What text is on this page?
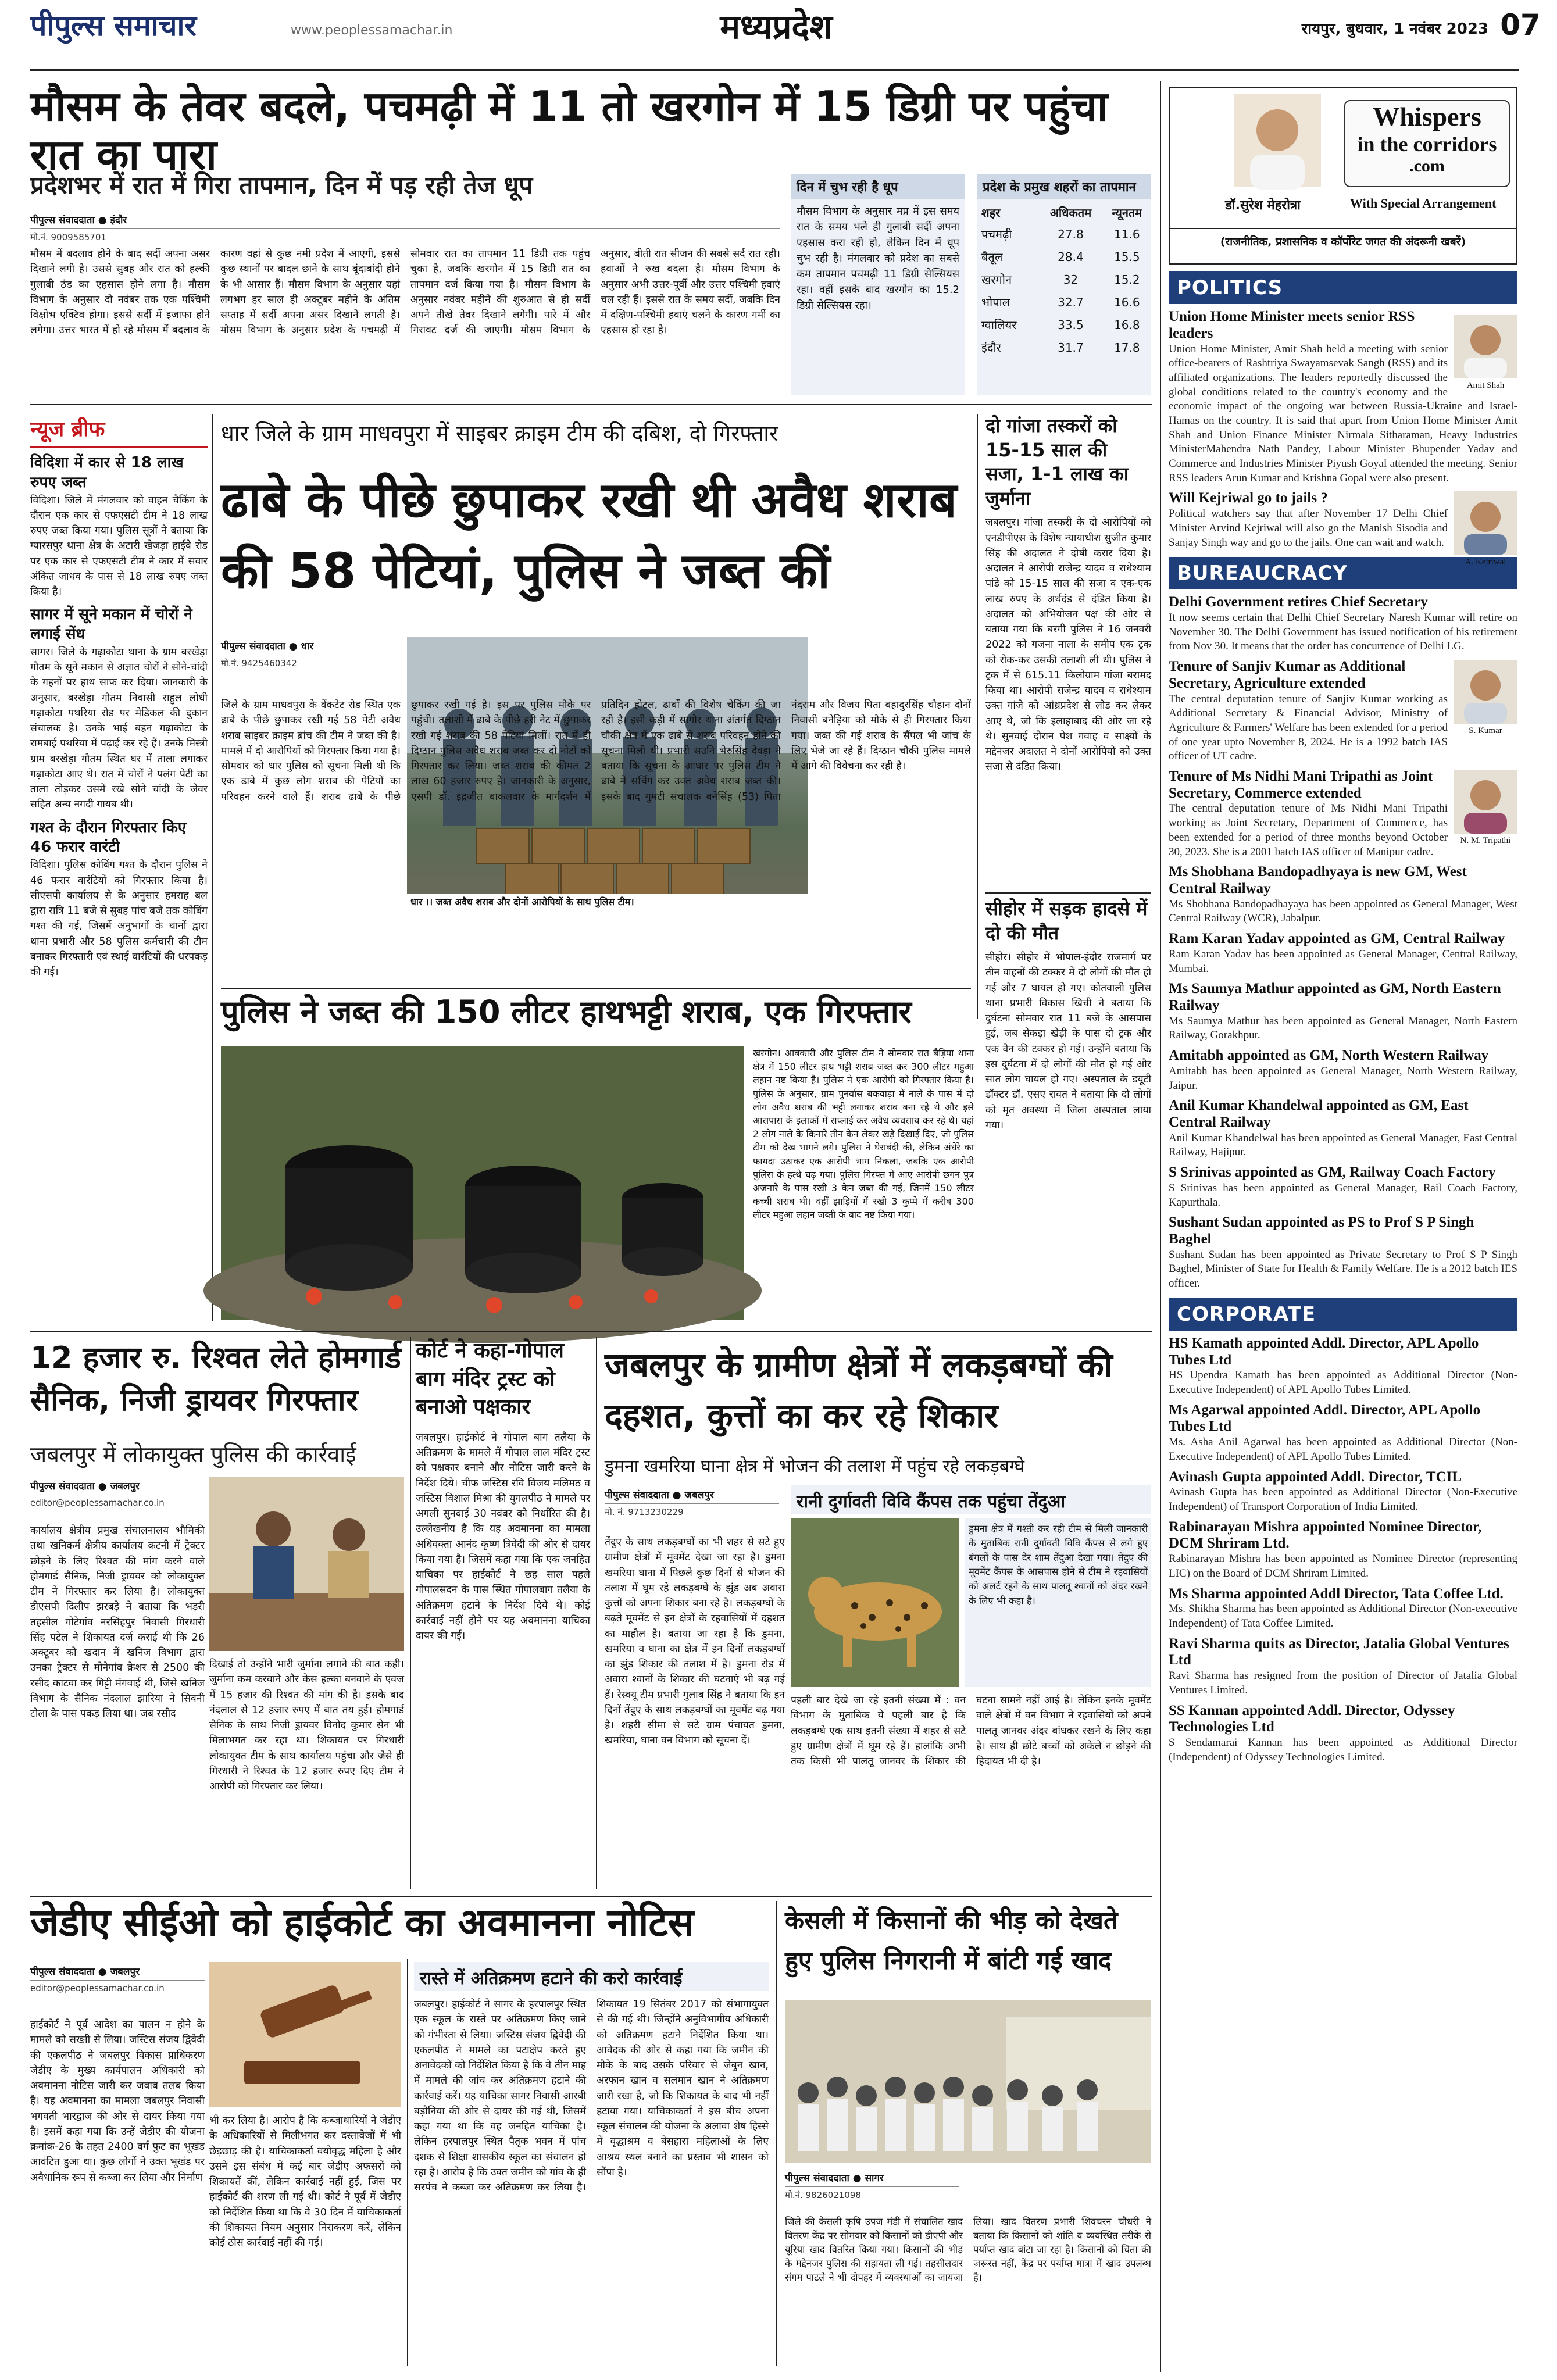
पीपुल्स समाचार	www.peoplessamachar.in	मध्यप्रदेश	रायपुर, बुधवार, 1 नवंबर 2023 07
मौसम के तेवर बदले, पचमढ़ी में 11 तो खरगोन में 15 डिग्री पर पहुंचा रात का पारा
प्रदेशभर में रात में गिरा तापमान, दिन में पड़ रही तेज धूप
पीपुल्स संवाददाता ● इंदौर
मो.नं. 9009585701
मौसम में बदलाव होने के बाद सर्दी अपना असर दिखाने लगी है। उससे सुबह और रात को हल्की गुलाबी ठंड का एहसास होने लगा है। मौसम विभाग के अनुसार दो नवंबर तक एक पश्चिमी विक्षोभ एक्टिव होगा। इससे सर्दी में इजाफा होने लगेगा। उत्तर भारत में हो रहे मौसम में बदलाव के कारण वहां से कुछ नमी प्रदेश में आएगी, इससे कुछ स्थानों पर बादल छाने के साथ बूंदाबांदी होने के भी आसार हैं। मौसम विभाग के अनुसार यहां लगभग हर साल ही अक्टूबर महीने के अंतिम सप्ताह में सर्दी अपना असर दिखाने लगती है। मौसम विभाग के अनुसार प्रदेश के पचमढ़ी में सोमवार रात का तापमान 11 डिग्री तक पहुंच चुका है, जबकि खरगोन में 15 डिग्री रात का तापमान दर्ज किया गया है। मौसम विभाग के अनुसार नवंबर महीने की शुरुआत से ही सर्दी अपने तीखे तेवर दिखाने लगेगी। पारे में और गिरावट दर्ज की जाएगी। मौसम विभाग के अनुसार, बीती रात सीजन की सबसे सर्द रात रही। हवाओं ने रुख बदला है। मौसम विभाग के अनुसार अभी उत्तर-पूर्वी और उत्तर पश्चिमी हवाएं चल रही हैं। इससे रात के समय सर्दी, जबकि दिन में दक्षिण-पश्चिमी हवाएं चलने के कारण गर्मी का एहसास हो रहा है।
दिन में चुभ रही है धूप
मौसम विभाग के अनुसार मप्र में इस समय रात के समय भले ही गुलाबी सर्दी अपना एहसास करा रही हो, लेकिन दिन में धूप चुभ रही है। मंगलवार को प्रदेश का सबसे कम तापमान पचमढ़ी 11 डिग्री सेल्सियस रहा। वहीं इसके बाद खरगोन का 15.2 डिग्री सेल्सियस रहा।
प्रदेश के प्रमुख शहरों का तापमान
शहर	अधिकतम	न्यूनतम
पचमढ़ी	27.8	11.6
बैतूल	28.4	15.5
खरगोन	32	15.2
भोपाल	32.7	16.6
ग्वालियर	33.5	16.8
इंदौर	31.7	17.8
न्यूज ब्रीफ
विदिशा में कार से 18 लाख रुपए जब्त
विदिशा। जिले में मंगलवार को वाहन चैकिंग के दौरान एक कार से एफएसटी टीम ने 18 लाख रुपए जब्त किया गया। पुलिस सूत्रों ने बताया कि ग्यारसपुर थाना क्षेत्र के अटारी खेजड़ा हाईवे रोड पर एक कार से एफएसटी टीम ने कार में सवार अंकित जाधव के पास से 18 लाख रुपए जब्त किया है।
सागर में सूने मकान में चोरों ने लगाई सेंध
सागर। जिले के गढ़ाकोटा थाना के ग्राम बरखेड़ा गौतम के सूने मकान से अज्ञात चोरों ने सोने-चांदी के गहनों पर हाथ साफ कर दिया। जानकारी के अनुसार, बरखेड़ा गौतम निवासी राहुल लोधी गढ़ाकोटा पथरिया रोड पर मेडिकल की दुकान संचालक है। उनके भाई बहन गढ़ाकोटा के रामबाई पथरिया में पढ़ाई कर रहे हैं। उनके मिस्त्री ग्राम बरखेड़ा गौतम स्थित घर में ताला लगाकर गढ़ाकोटा आए थे। रात में चोरों ने पलंग पेटी का ताला तोड़कर उसमें रखे सोने चांदी के जेवर सहित अन्य नगदी गायब थी।
गश्त के दौरान गिरफ्तार किए 46 फरार वारंटी
विदिशा। पुलिस कोबिंग गश्त के दौरान पुलिस ने 46 फरार वारंटियों को गिरफ्तार किया है। सीएसपी कार्यालय से के अनुसार हमराह बल द्वारा रात्रि 11 बजे से सुबह पांच बजे तक कोबिंग गश्त की गई, जिसमें अनुभागों के थानों द्वारा थाना प्रभारी और 58 पुलिस कर्मचारी की टीम बनाकर गिरफ्तारी एवं स्थाई वारंटियों की धरपकड़ की गई।
धार जिले के ग्राम माधवपुरा में साइबर क्राइम टीम की दबिश, दो गिरफ्तार
ढाबे के पीछे छुपाकर रखी थी अवैध शराब की 58 पेटियां, पुलिस ने जब्त कीं
पीपुल्स संवाददाता ● धार
मो.नं. 9425460342
धार ।। जब्त अवैध शराब और दोनों आरोपियों के साथ पुलिस टीम।
जिले के ग्राम माधवपुरा के वेंकटेट रोड स्थित एक ढाबे के पीछे छुपाकर रखी गई 58 पेटी अवैध शराब साइबर क्राइम ब्रांच की टीम ने जब्त की है। मामले में दो आरोपियों को गिरफ्तार किया गया है। सोमवार को धार पुलिस को सूचना मिली थी कि एक ढाबे में कुछ लोग शराब की पेटियों का परिवहन करने वाले हैं। शराब ढाबे के पीछे छुपाकर रखी गई है। इस पर पुलिस मौके पर पहुंची। तलाशी में ढाबे के पीछे हरी नेट में छुपाकर रखी गई शराब की 58 पेटियां मिलीं। रात में ही दिग्ठान पुलिस अवैध शराब जब्त कर दो नोटों को गिरफ्तार कर लिया। जब्त शराब की कीमत 2 लाख 60 हजार रुपए है। जानकारी के अनुसार, एसपी डॉ. इंद्रजीत बाकलवार के मार्गदर्शन में प्रतिदिन होटल, ढाबों की विशेष चेकिंग की जा रही है। इसी कड़ी में सागौर थाना अंतर्गत दिग्ठान चौकी क्षेत्र में एक ढाबे से शराब परिवहन होने की सूचना मिली थी। प्रभारी सउनि भेरुसिंह देवड़ा ने बताया कि सूचना के आधार पर पुलिस टीम ने ढाबे में सर्चिंग कर उक्त अवैध शराब जब्त की। इसके बाद गुमटी संचालक बनेसिंह (53) पिता नंदराम और विजय पिता बहादुरसिंह चौहान दोनों निवासी बनेड़िया को मौके से ही गिरफ्तार किया गया। जब्त की गई शराब के सैंपल भी जांच के लिए भेजे जा रहे हैं। दिग्ठान चौकी पुलिस मामले में आगे की विवेचना कर रही है।
दो गांजा तस्करों को 15-15 साल की सजा, 1-1 लाख का जुर्माना
जबलपुर। गांजा तस्करी के दो आरोपियों को एनडीपीएस के विशेष न्यायाधीश सुजीत कुमार सिंह की अदालत ने दोषी करार दिया है। अदालत ने आरोपी राजेन्द्र यादव व राधेश्याम पांडे को 15-15 साल की सजा व एक-एक लाख रुपए के अर्थदंड से दंडित किया है। अदालत को अभियोजन पक्ष की ओर से बताया गया कि बरगी पुलिस ने 16 जनवरी 2022 को गजना नाला के समीप एक ट्रक को रोक-कर उसकी तलाशी ली थी। पुलिस ने ट्रक में से 615.11 किलोग्राम गांजा बरामद किया था। आरोपी राजेन्द्र यादव व राधेश्याम उक्त गांजे को आंध्रप्रदेश से लोड कर लेकर आए थे, जो कि इलाहाबाद की ओर जा रहे थे। सुनवाई दौरान पेश गवाह व साक्ष्यों के मद्देनजर अदालत ने दोनों आरोपियों को उक्त सजा से दंडित किया।
सीहोर में सड़क हादसे में दो की मौत
सीहोर। सीहोर में भोपाल-इंदौर राजमार्ग पर तीन वाहनों की टक्कर में दो लोगों की मौत हो गई और 7 घायल हो गए। कोतवाली पुलिस थाना प्रभारी विकास खिची ने बताया कि दुर्घटना सोमवार रात 11 बजे के आसपास हुई, जब सेकड़ा खेड़ी के पास दो ट्रक और एक वैन की टक्कर हो गई। उन्होंने बताया कि इस दुर्घटना में दो लोगों की मौत हो गई और सात लोग घायल हो गए। अस्पताल के डयूटी डॉक्टर डॉ. एसए रावत ने बताया कि दो लोगों को मृत अवस्था में जिला अस्पताल लाया गया।
पुलिस ने जब्त की 150 लीटर हाथभट्टी शराब, एक गिरफ्तार
खरगोन। आबकारी और पुलिस टीम ने सोमवार रात बैड़िया थाना क्षेत्र में 150 लीटर हाथ भट्टी शराब जब्त कर 300 लीटर महुआ लहान नष्ट किया है। पुलिस ने एक आरोपी को गिरफ्तार किया है। पुलिस के अनुसार, ग्राम पुनर्वास बकवाड़ा में नाले के पास में दो लोग अवैध शराब की भट्टी लगाकर शराब बना रहे थे और इसे आसपास के इलाकों में सप्लाई कर अवैध व्यवसाय कर रहे थे। यहां 2 लोग नाले के किनारे तीन केन लेकर खड़े दिखाई दिए, जो पुलिस टीम को देख भागने लगे। पुलिस ने घेराबंदी की, लेकिन अंधेरे का फायदा उठाकर एक आरोपी भाग निकला, जबकि एक आरोपी पुलिस के हत्थे चढ़ गया। पुलिस गिरफ्त में आए आरोपी छगन पुत्र अजनारे के पास रखी 3 केन जब्त की गई, जिनमें 150 लीटर कच्ची शराब थी। वहीं झाड़ियों में रखी 3 कुप्पे में करीब 300 लीटर महुआ लहान जब्ती के बाद नष्ट किया गया।
12 हजार रु. रिश्वत लेते होमगार्ड सैनिक, निजी ड्रायवर गिरफ्तार
जबलपुर में लोकायुक्त पुलिस की कार्रवाई
पीपुल्स संवाददाता ● जबलपुर
editor@peoplessamachar.co.in
कार्यालय क्षेत्रीय प्रमुख संचालनालय भौमिकी तथा खनिकर्म क्षेत्रीय कार्यालय कटनी में ट्रेक्टर छोड़ने के लिए रिश्वत की मांग करने वाले होमगार्ड सैनिक, निजी ड्रायवर को लोकायुक्त टीम ने गिरफ्तार कर लिया है। लोकायुक्त डीएसपी दिलीप झरबड़े ने बताया कि भड़री तहसील गोटेगांव नरसिंहपुर निवासी गिरधारी सिंह पटेल ने शिकायत दर्ज कराई थी कि 26 अक्टूबर को खदान में खनिज विभाग द्वारा उनका ट्रेक्टर से मोनेगांव क्रेशर से 2500 की रसीद काटवा कर गिट्टी मंगवाई थी, जिसे खनिज विभाग के सैनिक नंदलाल झारिया ने सिवनी टोला के पास पकड़ लिया था। जब रसीद
दिखाई तो उन्होंने भारी जुर्माना लगाने की बात कही। जुर्माना कम करवाने और केस हल्का बनवाने के एवज में 15 हजार की रिश्वत की मांग की है। इसके बाद नंदलाल से 12 हजार रुपए में बात तय हुई। होमगार्ड सैनिक के साथ निजी ड्रायवर विनोद कुमार सेन भी मिलाभगत कर रहा था। शिकायत पर गिरधारी लोकायुक्त टीम के साथ कार्यालय पहुंचा और जैसे ही गिरधारी ने रिश्वत के 12 हजार रुपए दिए टीम ने आरोपी को गिरफ्तार कर लिया।
कोर्ट ने कहा-गोपाल बाग मंदिर ट्रस्ट को बनाओ पक्षकार
जबलपुर। हाईकोर्ट ने गोपाल बाग तलैया के अतिक्रमण के मामले में गोपाल लाल मंदिर ट्रस्ट को पक्षकार बनाने और नोटिस जारी करने के निर्देश दिये। चीफ जस्टिस रवि विजय मलिमठ व जस्टिस विशाल मिश्रा की युगलपीठ ने मामले पर अगली सुनवाई 30 नवंबर को निर्धारित की है। उल्लेखनीय है कि यह अवमानना का मामला अधिवक्ता आनंद कृष्ण त्रिवेदी की ओर से दायर किया गया है। जिसमें कहा गया कि एक जनहित याचिका पर हाईकोर्ट ने छह साल पहले गोपालसदन के पास स्थित गोपालबाग तलैया के अतिक्रमण हटाने के निर्देश दिये थे। कोई कार्रवाई नहीं होने पर यह अवमानना याचिका दायर की गई।
जबलपुर के ग्रामीण क्षेत्रों में लकड़बग्घों की दहशत, कुत्तों का कर रहे शिकार
डुमना खमरिया घाना क्षेत्र में भोजन की तलाश में पहुंच रहे लकड़बग्घे
पीपुल्स संवाददाता ● जबलपुर
मो. नं. 9713230229	रानी दुर्गावती विवि कैंपस तक पहुंचा तेंदुआ
डुमना क्षेत्र में गश्ती कर रही टीम से मिली जानकारी के मुताबिक रानी दुर्गावती विवि कैंपस से लगे हुए बंगलों के पास देर शाम तेंदुआ देखा गया। तेंदुए की मूवमेंट कैंपस के आसपास होने से टीम ने रहवासियों को अलर्ट रहने के साथ पालतू श्वानों को अंदर रखने के लिए भी कहा है।
तेंदुए के साथ लकड़बग्घों का भी शहर से सटे हुए ग्रामीण क्षेत्रों में मूवमेंट देखा जा रहा है। डुमना खमरिया घाना में पिछले कुछ दिनों से भोजन की तलाश में घूम रहे लकड़बग्घे के झुंड अब अवारा कुत्तों को अपना शिकार बना रहे है। लकड़बग्घों के बढ़ते मूवमेंट से इन क्षेत्रों के रहवासियों में दहशत का माहौल है। बताया जा रहा है कि डुमना, खमरिया व घाना का क्षेत्र में इन दिनों लकड़बग्घों का झुंड शिकार की तलाश में है। डुमना रोड में अवारा श्वानों के शिकार की घटनाएं भी बढ़ गई हैं। रेस्क्यू टीम प्रभारी गुलाब सिंह ने बताया कि इन दिनों तेंदुए के साथ लकड़बग्घों का मूवमेंट बढ़ गया है। शहरी सीमा से सटे ग्राम पंचायत डुमना, खमरिया, घाना वन विभाग को सूचना दें।
पहली बार देखे जा रहे इतनी संख्या में : वन विभाग के मुताबिक ये पहली बार है कि लकड़बग्घे एक साथ इतनी संख्या में शहर से सटे हुए ग्रामीण क्षेत्रों में घूम रहे हैं। हालांकि अभी तक किसी भी पालतू जानवर के शिकार की घटना सामने नहीं आई है। लेकिन इनके मूवमेंट वाले क्षेत्रों में वन विभाग ने रहवासियों को अपने पालतू जानवर अंदर बांधकर रखने के लिए कहा है। साथ ही छोटे बच्चों को अकेले न छोड़ने की हिदायत भी दी है।
जेडीए सीईओ को हाईकोर्ट का अवमानना नोटिस
पीपुल्स संवाददाता ● जबलपुर
editor@peoplessamachar.co.in
हाईकोर्ट ने पूर्व आदेश का पालन न होने के मामले को सख्ती से लिया। जस्टिस संजय द्विवेदी की एकलपीठ ने जबलपुर विकास प्राधिकरण जेडीए के मुख्य कार्यपालन अधिकारी को अवमानना नोटिस जारी कर जवाब तलब किया है। यह अवमानना का मामला जबलपुर निवासी भगवती भारद्वाज की ओर से दायर किया गया है। इसमें कहा गया कि उन्हें जेडीए की योजना क्रमांक-26 के तहत 2400 वर्ग फुट का भूखंड आवंटित हुआ था। कुछ लोगों ने उक्त भूखंड पर अवैधानिक रूप से कब्जा कर लिया और निर्माण
भी कर लिया है। आरोप है कि कब्जाधारियों ने जेडीए के अधिकारियों से मिलीभगत कर दस्तावेजों में भी छेड़छाड़ की है। याचिकाकर्ता वयोवृद्ध महिला है और उसने इस संबंध में कई बार जेडीए अफसरों को शिकायतें कीं, लेकिन कार्रवाई नहीं हुई, जिस पर हाईकोर्ट की शरण ली गई थी। कोर्ट ने पूर्व में जेडीए को निर्देशित किया था कि वे 30 दिन में याचिकाकर्ता की शिकायत नियम अनुसार निराकरण करें, लेकिन कोई ठोस कार्रवाई नहीं की गई।
रास्ते में अतिक्रमण हटाने की करो कार्रवाई
जबलपुर। हाईकोर्ट ने सागर के हरपालपुर स्थित एक स्कूल के रास्ते पर अतिक्रमण किए जाने को गंभीरता से लिया। जस्टिस संजय द्विवेदी की एकलपीठ ने मामले का पटाक्षेप करते हुए अनावेदकों को निर्देशित किया है कि वे तीन माह में मामले की जांच कर अतिक्रमण हटाने की कार्रवाई करें। यह याचिका सागर निवासी आरबी बड़ौनिया की ओर से दायर की गई थी, जिसमें कहा गया था कि वह जनहित याचिका है। लेकिन हरपालपुर स्थित पैतृक भवन में पांच दशक से शिक्षा शासकीय स्कूल का संचालन हो रहा है। आरोप है कि उक्त जमीन को गांव के ही सरपंच ने कब्जा कर अतिक्रमण कर लिया है। शिकायत 19 सितंबर 2017 को संभागायुक्त से की गई थी। जिन्होंने अनुविभागीय अधिकारी को अतिक्रमण हटाने निर्देशित किया था। आवेदक की ओर से कहा गया कि जमीन की मौके के बाद उसके परिवार से जेबुन खान, अरफान खान व सलमान खान ने अतिक्रमण जारी रखा है, जो कि शिकायत के बाद भी नहीं हटाया गया। याचिकाकर्ता ने इस बीच अपना स्कूल संचालन की योजना के अलावा शेष हिस्से में वृद्धाश्रम व बेसहारा महिलाओं के लिए आश्रय स्थल बनाने का प्रस्ताव भी शासन को सौंपा है।
केसली में किसानों की भीड़ को देखते हुए पुलिस निगरानी में बांटी गई खाद
पीपुल्स संवाददाता ● सागर
मो.नं. 9826021098
जिले की केसली कृषि उपज मंडी में संचालित खाद वितरण केंद्र पर सोमवार को किसानों को डीएपी और यूरिया खाद वितरित किया गया। किसानों की भीड़ के मद्देनजर पुलिस की सहायता ली गई। तहसीलदार संगम पाटले ने भी दोपहर में व्यवस्थाओं का जायजा लिया। खाद वितरण प्रभारी शिवचरन चौधरी ने बताया कि किसानों को शांति व व्यवस्थित तरीके से पर्याप्त खाद बांटा जा रहा है। किसानों को चिंता की जरूरत नहीं, केंद्र पर पर्याप्त मात्रा में खाद उपलब्ध है।
Whispers
in the corridors
.com
डॉ.सुरेश मेहरोत्रा	With Special Arrangement
(राजनीतिक, प्रशासनिक व कॉर्पोरेट जगत की अंदरूनी खबरें)
POLITICS
Amit Shah
Union Home Minister meets senior RSS leaders
Union Home Minister, Amit Shah held a meeting with senior office-bearers of Rashtriya Swayamsevak Sangh (RSS) and its affiliated organizations. The leaders reportedly discussed the global conditions related to the country's economy and the economic impact of the ongoing war between Russia-Ukraine and Israel-Hamas on the country. It is said that apart from Union Home Minister Amit Shah and Union Finance Minister Nirmala Sitharaman, Heavy Industries MinisterMahendra Nath Pandey, Labour Minister Bhupender Yadav and Commerce and Industries Minister Piyush Goyal attended the meeting. Senior RSS leaders Arun Kumar and Krishna Gopal were also present.
A. Kejriwal
Will Kejriwal go to jails ?
Political watchers say that after November 17 Delhi Chief Minister Arvind Kejriwal will also go the Manish Sisodia and Sanjay Singh way and go to the jails. One can wait and watch.
BUREAUCRACY
Delhi Government retires Chief Secretary
It now seems certain that Delhi Chief Secretary Naresh Kumar will retire on November 30. The Delhi Government has issued notification of his retirement from Nov 30. It means that the order has concurrence of Delhi LG.
S. Kumar
Tenure of Sanjiv Kumar as Additional Secretary, Agriculture extended
The central deputation tenure of Sanjiv Kumar working as Additional Secretary & Financial Advisor, Ministry of Agriculture & Farmers' Welfare has been extended for a period of one year upto November 8, 2024. He is a 1992 batch IAS officer of UT cadre.
N. M. Tripathi
Tenure of Ms Nidhi Mani Tripathi as Joint Secretary, Commerce extended
The central deputation tenure of Ms Nidhi Mani Tripathi working as Joint Secretary, Department of Commerce, has been extended for a period of three months beyond October 30, 2023. She is a 2001 batch IAS officer of Manipur cadre.
Ms Shobhana Bandopadhyaya is new GM, West Central Railway
Ms Shobhana Bandopadhayaya has been appointed as General Manager, West Central Railway (WCR), Jabalpur.
Ram Karan Yadav appointed as GM, Central Railway
Ram Karan Yadav has been appointed as General Manager, Central Railway, Mumbai.
Ms Saumya Mathur appointed as GM, North Eastern Railway
Ms Saumya Mathur has been appointed as General Manager, North Eastern Railway, Gorakhpur.
Amitabh appointed as GM, North Western Railway
Amitabh has been appointed as General Manager, North Western Railway, Jaipur.
Anil Kumar Khandelwal appointed as GM, East Central Railway
Anil Kumar Khandelwal has been appointed as General Manager, East Central Railway, Hajipur.
S Srinivas appointed as GM, Railway Coach Factory
S Srinivas has been appointed as General Manager, Rail Coach Factory, Kapurthala.
Sushant Sudan appointed as PS to Prof S P Singh Baghel
Sushant Sudan has been appointed as Private Secretary to Prof S P Singh Baghel, Minister of State for Health & Family Welfare. He is a 2012 batch IES officer.
CORPORATE
HS Kamath appointed Addl. Director, APL Apollo Tubes Ltd
HS Upendra Kamath has been appointed as Additional Director (Non-Executive Independent) of APL Apollo Tubes Limited.
Ms Agarwal appointed Addl. Director, APL Apollo Tubes Ltd
Ms. Asha Anil Agarwal has been appointed as Additional Director (Non-Executive Independent) of APL Apollo Tubes Limited.
Avinash Gupta appointed Addl. Director, TCIL
Avinash Gupta has been appointed as Additional Director (Non-Executive Independent) of Transport Corporation of India Limited.
Rabinarayan Mishra appointed Nominee Director, DCM Shriram Ltd.
Rabinarayan Mishra has been appointed as Nominee Director (representing LIC) on the Board of DCM Shriram Limited.
Ms Sharma appointed Addl Director, Tata Coffee Ltd.
Ms. Shikha Sharma has been appointed as Additional Director (Non-executive Independent) of Tata Coffee Limited.
Ravi Sharma quits as Director, Jatalia Global Ventures Ltd
Ravi Sharma has resigned from the position of Director of Jatalia Global Ventures Limited.
SS Kannan appointed Addl. Director, Odyssey Technologies Ltd
S Sendamarai Kannan has been appointed as Additional Director (Independent) of Odyssey Technologies Limited.
